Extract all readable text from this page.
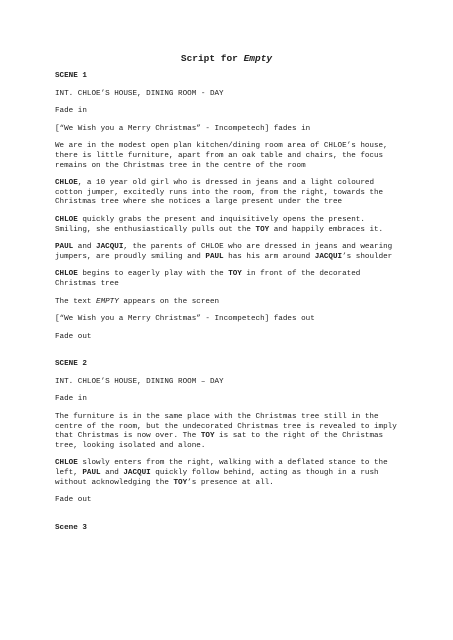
Script for Empty

SCENE 1

INT. CHLOE’S HOUSE, DINING ROOM - DAY

Fade in

[“We Wish you a Merry Christmas” - Incompetech] fades in

We are in the modest open plan kitchen/dining room area of CHLOE’s house, there is little furniture, apart from an oak table and chairs, the focus remains on the Christmas tree in the centre of the room

CHLOE, a 10 year old girl who is dressed in jeans and a light coloured cotton jumper, excitedly runs into the room, from the right, towards the Christmas tree where she notices a large present under the tree

CHLOE quickly grabs the present and inquisitively opens the present. Smiling, she enthusiastically pulls out the TOY and happily embraces it.

PAUL and JACQUI, the parents of CHLOE who are dressed in jeans and wearing jumpers, are proudly smiling and PAUL has his arm around JACQUI’s shoulder

CHLOE begins to eagerly play with the TOY in front of the decorated Christmas tree

The text EMPTY appears on the screen

[“We Wish you a Merry Christmas” - Incompetech] fades out

Fade out

SCENE 2

INT. CHLOE’S HOUSE, DINING ROOM – DAY

Fade in

The furniture is in the same place with the Christmas tree still in the centre of the room, but the undecorated Christmas tree is revealed to imply that Christmas is now over. The TOY is sat to the right of the Christmas tree, looking isolated and alone.

CHLOE slowly enters from the right, walking with a deflated stance to the left, PAUL and JACQUI quickly follow behind, acting as though in a rush without acknowledging the TOY’s presence at all.

Fade out

Scene 3
